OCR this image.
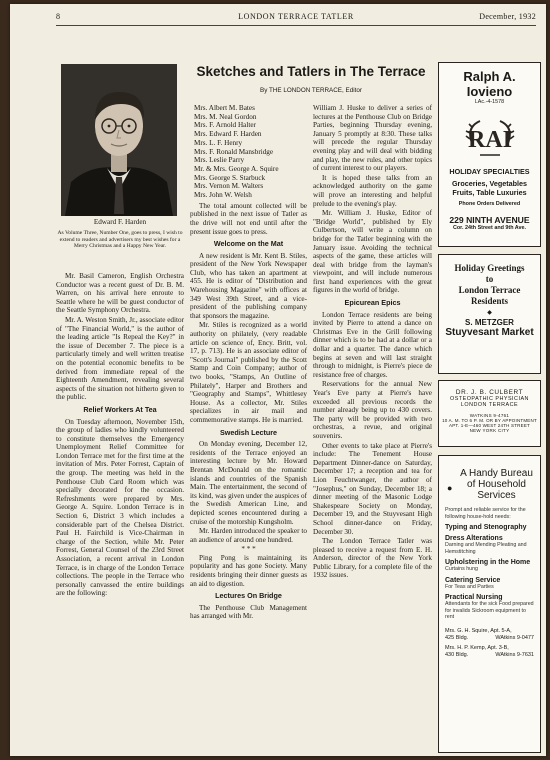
8	LONDON TERRACE TATLER	December, 1932
Edward F. Harden
As Volume Three, Number One, goes to press, I wish to extend to readers and advertisers my best wishes for a Merry Christmas and a Happy New Year.
Sketches and Tatlers in The Terrace
By THE LONDON TERRACE, Editor

Mr. Basil Cameron, English Orchestra Conductor was a recent guest of Dr. B. M. Warren, on his arrival here enroute to Seattle where he will be guest conductor of the Seattle Symphony Orchestra.

Mr. A. Weston Smith, Jr., associate editor of "The Financial World," is the author of the leading article "Is Repeal the Key?" in the issue of December 7. The piece is a particularly timely and well written treatise on the potential economic benefits to be derived from immediate repeal of the Eighteenth Amendment, revealing several aspects of the situation not hitherto given to the public.

Relief Workers At Tea

On Tuesday afternoon, November 15th, the group of ladies who kindly volunteered to constitute themselves the Emergency Unemployment Relief Committee for London Terrace met for the first time at the invitation of Mrs. Peter Forrest, Captain of the group. The meeting was held in the Penthouse Club Card Room which was specially decorated for the occasion. Refreshments were prepared by Mrs. George A. Squire. London Terrace is in Section 6, District 3 which includes a considerable part of the Chelsea District. Paul H. Fairchild is Vice-Chairman in charge of the Section, while Mr. Peter Forrest, General Counsel of the 23rd Street Association, a recent arrival in London Terrace, is in charge of the London Terrace collections. The people in the Terrace who personally canvassed the entire buildings are the following:

Mrs. Albert M. Bates
Mrs. M. Neal Gordon
Mrs. F. Arnold Halter
Mrs. Edward F. Harden
Mrs. L. F. Henry
Mrs. F. Ronald Mansbridge
Mrs. Leslie Parry
Mr. & Mrs. George A. Squire
Mrs. George S. Starbuck
Mrs. Vernon M. Walters
Mrs. John W. Welsh

The total amount collected will be published in the next issue of Tatler as the drive will not end until after the present issue goes to press.

Welcome on the Mat

A new resident is Mr. Kent B. Stiles, president of the New York Newspaper Club, who has taken an apartment at 455. He is editor of "Distribution and Warehousing Magazine" with offices at 349 West 39th Street, and a vice-president of the publishing company that sponsors the magazine.

Mr. Stiles is recognized as a world authority on philately, (very readable article on science of, Ency. Britt, vol. 17, p. 713). He is an associate editor of "Scott's Journal" published by the Scott Stamp and Coin Company; author of two books, "Stamps, An Outline of Philately", Harper and Brothers and "Geography and Stamps", Whittlesey House. As a collector, Mr. Stiles specializes in air mail and commemorative stamps. He is married.

Swedish Lecture

On Monday evening, December 12, residents of the Terrace enjoyed an interesting lecture by Mr. Howard Brentan McDonald on the romantic islands and countries of the Spanish Main. The entertainment, the second of its kind, was given under the auspices of the Swedish American Line, and depicted scenes encountered during a cruise of the motorship Kungsholm.

Mr. Harden introduced the speaker to an audience of around one hundred.

* * *

Ping Pong is maintaining its popularity and has gone Society. Many residents bringing their dinner guests as an aid to digestion.

Lectures On Bridge

The Penthouse Club Management has arranged with Mr.

William J. Huske to deliver a series of lectures at the Penthouse Club on Bridge Parties, beginning Thursday evening, January 5 promptly at 8:30. These talks will precede the regular Thursday evening play and will deal with bidding and play, the new rules, and other topics of current interest to our players.

It is hoped these talks from an acknowledged authority on the game will prove an interesting and helpful prelude to the evening's play.

Mr. William J. Huske, Editor of "Bridge World", published by Ely Culbertson, will write a column on bridge for the Tatler beginning with the January issue. Avoiding the technical aspects of the game, these articles will deal with bridge from the layman's viewpoint, and will include numerous first hand experiences with the great figures in the world of bridge.

Epicurean Epics

London Terrace residents are being invited by Pierre to attend a dance on Christmas Eve in the Grill following dinner which is to be had at a dollar or a dollar and a quarter. The dance which begins at seven and will last straight through to midnight, is Pierre's piece de resistance free of charges.

Reservations for the annual New Year's Eve party at Pierre's have exceeded all previous records the number already being up to 430 covers. The party will be provided with two orchestras, a revue, and original souvenirs.

Other events to take place at Pierre's include: The Tenement House Department Dinner-dance on Saturday, December 17; a reception and tea for Lion Feuchtwanger, the author of "Josephus," on Sunday, December 18; a dinner meeting of the Masonic Lodge Shakespeare Society on Monday, December 19, and the Stuyvesant High School dinner-dance on Friday, December 30.

The London Terrace Tatler was pleased to receive a request from E. H. Anderson, director of the New York Public Library, for a complete file of the 1932 issues.

Ralph A. Iovieno
LAc.-4-1578
RAI
HOLIDAY SPECIALTIES
Groceries, Vegetables
Fruits, Table Luxuries
Phone Orders Delivered
229 NINTH AVENUE
Cor. 24th Street and 9th Ave.
Holiday Greetings
to
London Terrace
Residents
◆
S. METZGER
Stuyvesant Market
DR. J. B. CULBERT
OSTEOPATHIC PHYSICIAN
LONDON TERRACE
WATKINS 9-4761
10 A. M. TO 6 P. M. OR BY APPOINTMENT
APT. 1-E—460 WEST 24TH STREET
NEW YORK CITY
●
A Handy Bureau
of Household
Services
Prompt and reliable service for the following house-hold needs:
Typing and Stenography
Dress Alterations
Darning and Mending Pleating and Hemstitching
Upholstering in the Home
Curtains hung
Catering Service
For Teas and Parties
Practical Nursing
Attendants for the sick Food prepared for invalids Sickroom equipment to rent
Mrs. G. H. Squire, Apt. 5-A,
425 Bldg.	WAtkins 9-0477
Mrs. H. P. Kemp, Apt. 3-B,
430 Bldg.	WAtkins 9-7631
